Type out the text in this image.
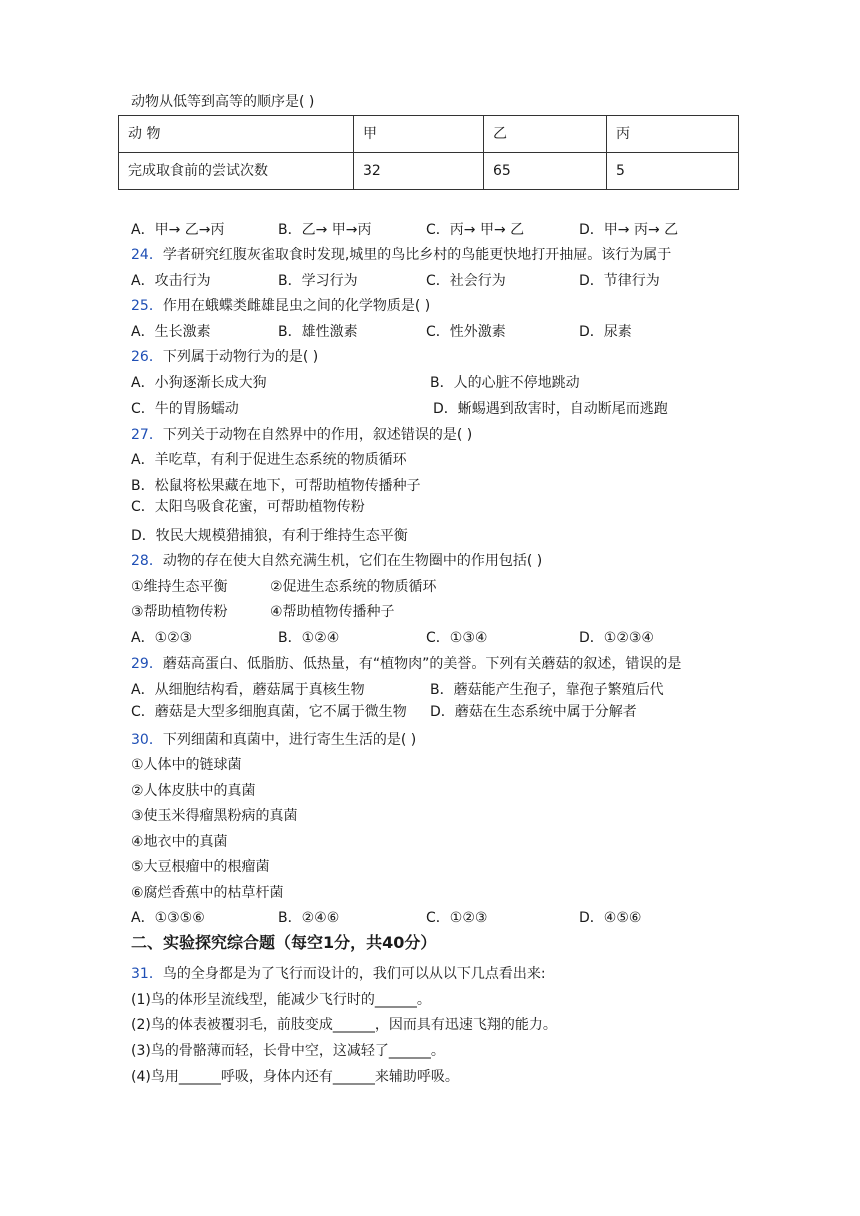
动物从低等到高等的顺序是( )
动 物	甲	乙	丙
完成取食前的尝试次数	32	65	5
A．甲→ 乙→丙	B．乙→ 甲→丙	C．丙→ 甲→ 乙	D．甲→ 丙→ 乙
24．学者研究红腹灰雀取食时发现,城里的鸟比乡村的鸟能更快地打开抽屉。该行为属于
A．攻击行为	B．学习行为	C．社会行为	D．节律行为
25．作用在蛾蝶类雌雄昆虫之间的化学物质是( )
A．生长激素	B．雄性激素	C．性外激素	D．尿素
26．下列属于动物行为的是( )
A．小狗逐渐长成大狗	B．人的心脏不停地跳动
C．牛的胃肠蠕动	D．蜥蜴遇到敌害时，自动断尾而逃跑
27．下列关于动物在自然界中的作用，叙述错误的是( )
A．羊吃草，有利于促进生态系统的物质循环
B．松鼠将松果藏在地下，可帮助植物传播种子
C．太阳鸟吸食花蜜，可帮助植物传粉
D．牧民大规模猎捕狼，有利于维持生态平衡
28．动物的存在使大自然充满生机，它们在生物圈中的作用包括( )
①维持生态平衡	②促进生态系统的物质循环
③帮助植物传粉	④帮助植物传播种子
A．①②③	B．①②④	C．①③④	D．①②③④
29．蘑菇高蛋白、低脂肪、低热量，有“植物肉”的美誉。下列有关蘑菇的叙述，错误的是
A．从细胞结构看，蘑菇属于真核生物	B．蘑菇能产生孢子，靠孢子繁殖后代
C．蘑菇是大型多细胞真菌，它不属于微生物 D．蘑菇在生态系统中属于分解者
30．下列细菌和真菌中，进行寄生生活的是( )
①人体中的链球菌
②人体皮肤中的真菌
③使玉米得瘤黑粉病的真菌
④地衣中的真菌
⑤大豆根瘤中的根瘤菌
⑥腐烂香蕉中的枯草杆菌
A．①③⑤⑥	B．②④⑥	C．①②③	D．④⑤⑥
二、实验探究综合题（每空1分，共40分）
31．鸟的全身都是为了飞行而设计的，我们可以从以下几点看出来:
(1)鸟的体形呈流线型，能减少飞行时的______。
(2)鸟的体表被覆羽毛，前肢变成______，因而具有迅速飞翔的能力。
(3)鸟的骨骼薄而轻，长骨中空，这减轻了______。
(4)鸟用______呼吸，身体内还有______来辅助呼吸。
